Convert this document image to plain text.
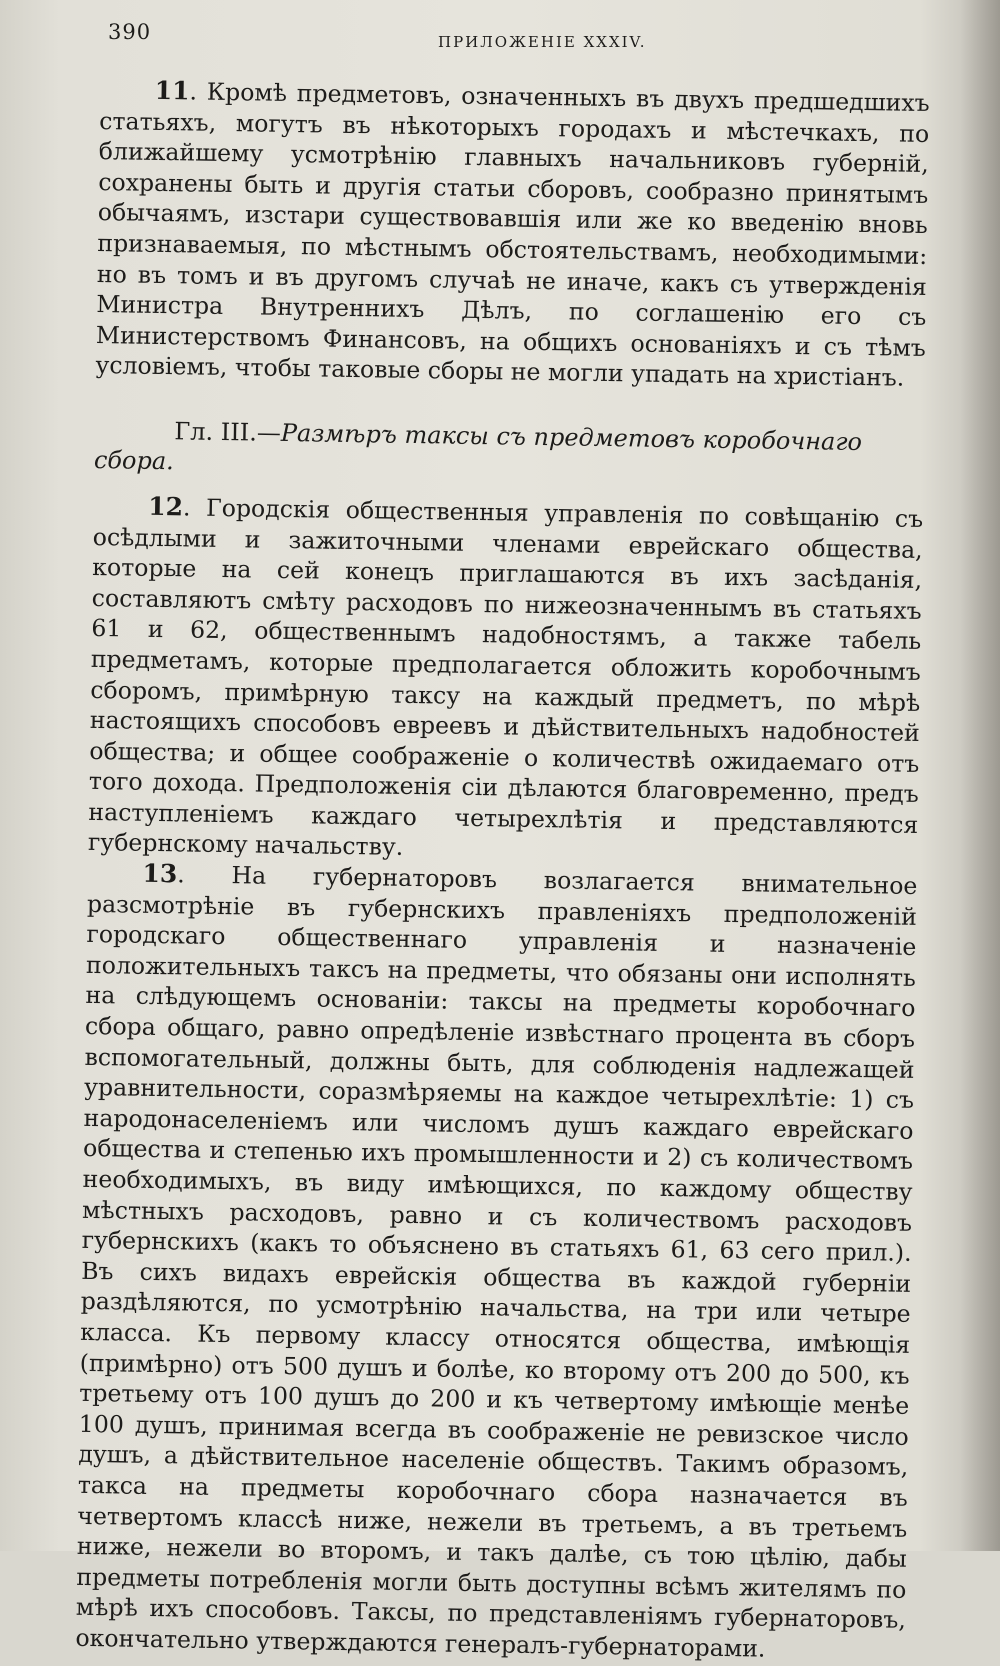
390	ПРИЛОЖЕНІЕ XXXIV.

11. Кромѣ предметовъ, означенныхъ въ двухъ предшедшихъ статьяхъ, могутъ въ нѣкоторыхъ городахъ и мѣстечкахъ, по ближайшему усмотрѣнію главныхъ начальниковъ губерній, сохранены быть и другія статьи сборовъ, сообразно принятымъ обычаямъ, изстари существовавшія или же ко введенію вновь признаваемыя, по мѣстнымъ обстоятельствамъ, необходимыми: но въ томъ и въ другомъ случаѣ не иначе, какъ съ утвержденія Министра Внутреннихъ Дѣлъ, по соглашенію его съ Министерствомъ Финансовъ, на общихъ основаніяхъ и съ тѣмъ условіемъ, чтобы таковые сборы не могли упадать на христіанъ.

Гл. III.—Размѣръ таксы съ предметовъ коробочнаго сбора.

12. Городскія общественныя управленія по совѣщанію съ осѣдлыми и зажиточными членами еврейскаго общества, которые на сей конецъ приглашаются въ ихъ засѣданія, составляютъ смѣту расходовъ по нижеозначеннымъ въ статьяхъ 61 и 62, общественнымъ надобностямъ, а также табель предметамъ, которые предполагается обложить коробочнымъ сборомъ, примѣрную таксу на каждый предметъ, по мѣрѣ настоящихъ способовъ евреевъ и дѣйствительныхъ надобностей общества; и общее соображеніе о количествѣ ожидаемаго отъ того дохода. Предположенія сіи дѣлаются благовременно, предъ наступленіемъ каждаго четырехлѣтія и представляются губернскому начальству.

13. На губернаторовъ возлагается внимательное разсмотрѣніе въ губернскихъ правленіяхъ предположеній городскаго общественнаго управленія и назначеніе положительныхъ таксъ на предметы, что обязаны они исполнять на слѣдующемъ основаніи: таксы на предметы коробочнаго сбора общаго, равно опредѣленіе извѣстнаго процента въ сборъ вспомогательный, должны быть, для соблюденія надлежащей уравнительности, соразмѣряемы на каждое четырехлѣтіе: 1) съ народонаселеніемъ или числомъ душъ каждаго еврейскаго общества и степенью ихъ промышленности и 2) съ количествомъ необходимыхъ, въ виду имѣющихся, по каждому обществу мѣстныхъ расходовъ, равно и съ количествомъ расходовъ губернскихъ (какъ то объяснено въ статьяхъ 61, 63 сего прил.). Въ сихъ видахъ еврейскія общества въ каждой губерніи раздѣляются, по усмотрѣнію начальства, на три или четыре класса. Къ первому классу относятся общества, имѣющія (примѣрно) отъ 500 душъ и болѣе, ко второму отъ 200 до 500, къ третьему отъ 100 душъ до 200 и къ четвертому имѣющіе менѣе 100 душъ, принимая всегда въ соображеніе не ревизское число душъ, а дѣйствительное населеніе обществъ. Такимъ образомъ, такса на предметы коробочнаго сбора назначается въ четвертомъ классѣ ниже, нежели въ третьемъ, а въ третьемъ ниже, нежели во второмъ, и такъ далѣе, съ тою цѣлію, дабы предметы потребленія могли быть доступны всѣмъ жителямъ по мѣрѣ ихъ способовъ. Таксы, по представленіямъ губернаторовъ, окончательно утверждаются генералъ-губернаторами.
